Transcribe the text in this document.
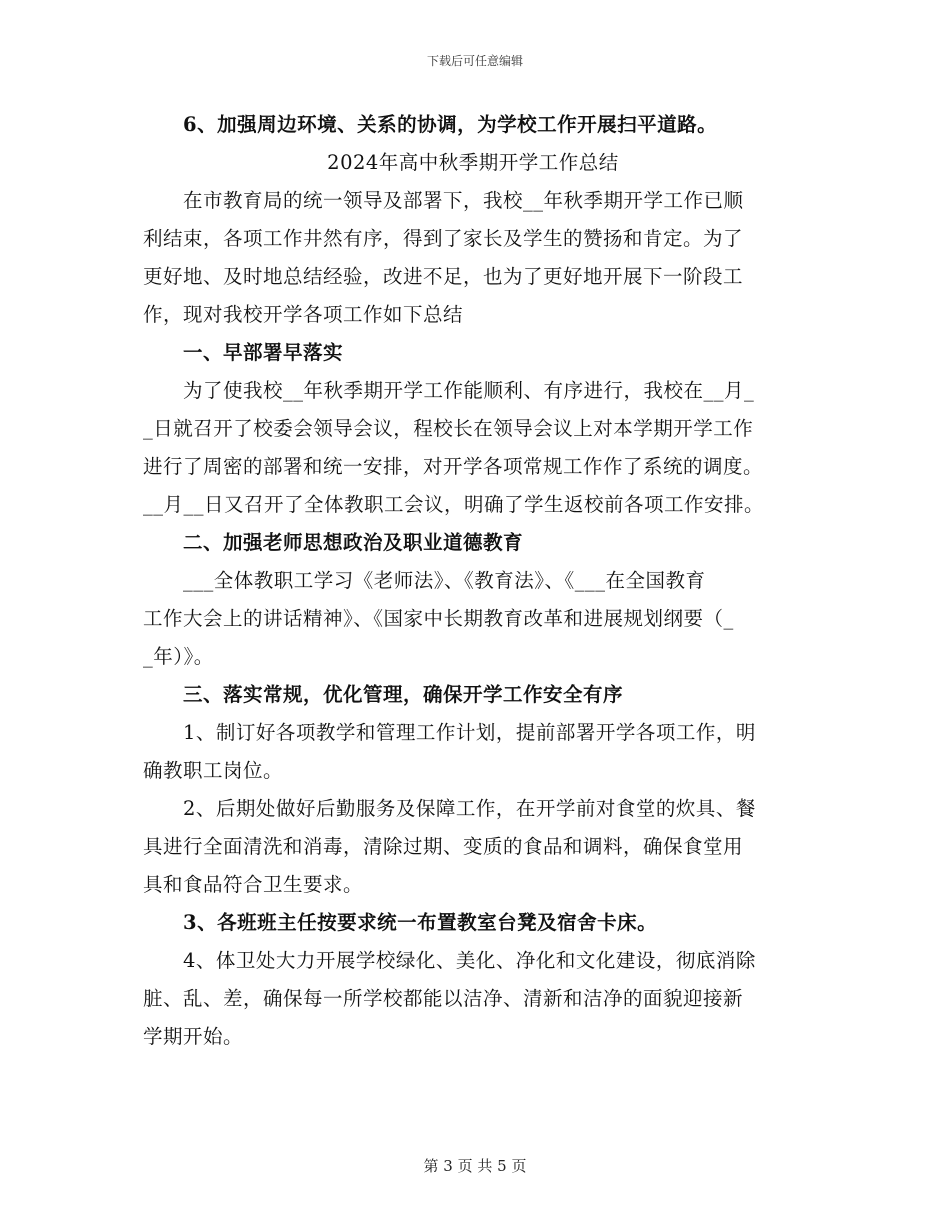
下载后可任意编辑
6、加强周边环境、关系的协调，为学校工作开展扫平道路。
2024年高中秋季期开学工作总结
在市教育局的统一领导及部署下，我校__年秋季期开学工作已顺
利结束，各项工作井然有序，得到了家长及学生的赞扬和肯定。为了
更好地、及时地总结经验，改进不足，也为了更好地开展下一阶段工
作，现对我校开学各项工作如下总结
一、早部署早落实
为了使我校__年秋季期开学工作能顺利、有序进行，我校在__月_
_日就召开了校委会领导会议，程校长在领导会议上对本学期开学工作
进行了周密的部署和统一安排，对开学各项常规工作作了系统的调度。
__月__日又召开了全体教职工会议，明确了学生返校前各项工作安排。
二、加强老师思想政治及职业道德教育
___全体教职工学习《老师法》、《教育法》、《___在全国教育
工作大会上的讲话精神》、《国家中长期教育改革和进展规划纲要（_
_年）》。
三、落实常规，优化管理，确保开学工作安全有序
1、制订好各项教学和管理工作计划，提前部署开学各项工作，明
确教职工岗位。
2、后期处做好后勤服务及保障工作，在开学前对食堂的炊具、餐
具进行全面清洗和消毒，清除过期、变质的食品和调料，确保食堂用
具和食品符合卫生要求。
3、各班班主任按要求统一布置教室台凳及宿舍卡床。
4、体卫处大力开展学校绿化、美化、净化和文化建设，彻底消除
脏、乱、差，确保每一所学校都能以洁净、清新和洁净的面貌迎接新
学期开始。
第 3 页 共 5 页
